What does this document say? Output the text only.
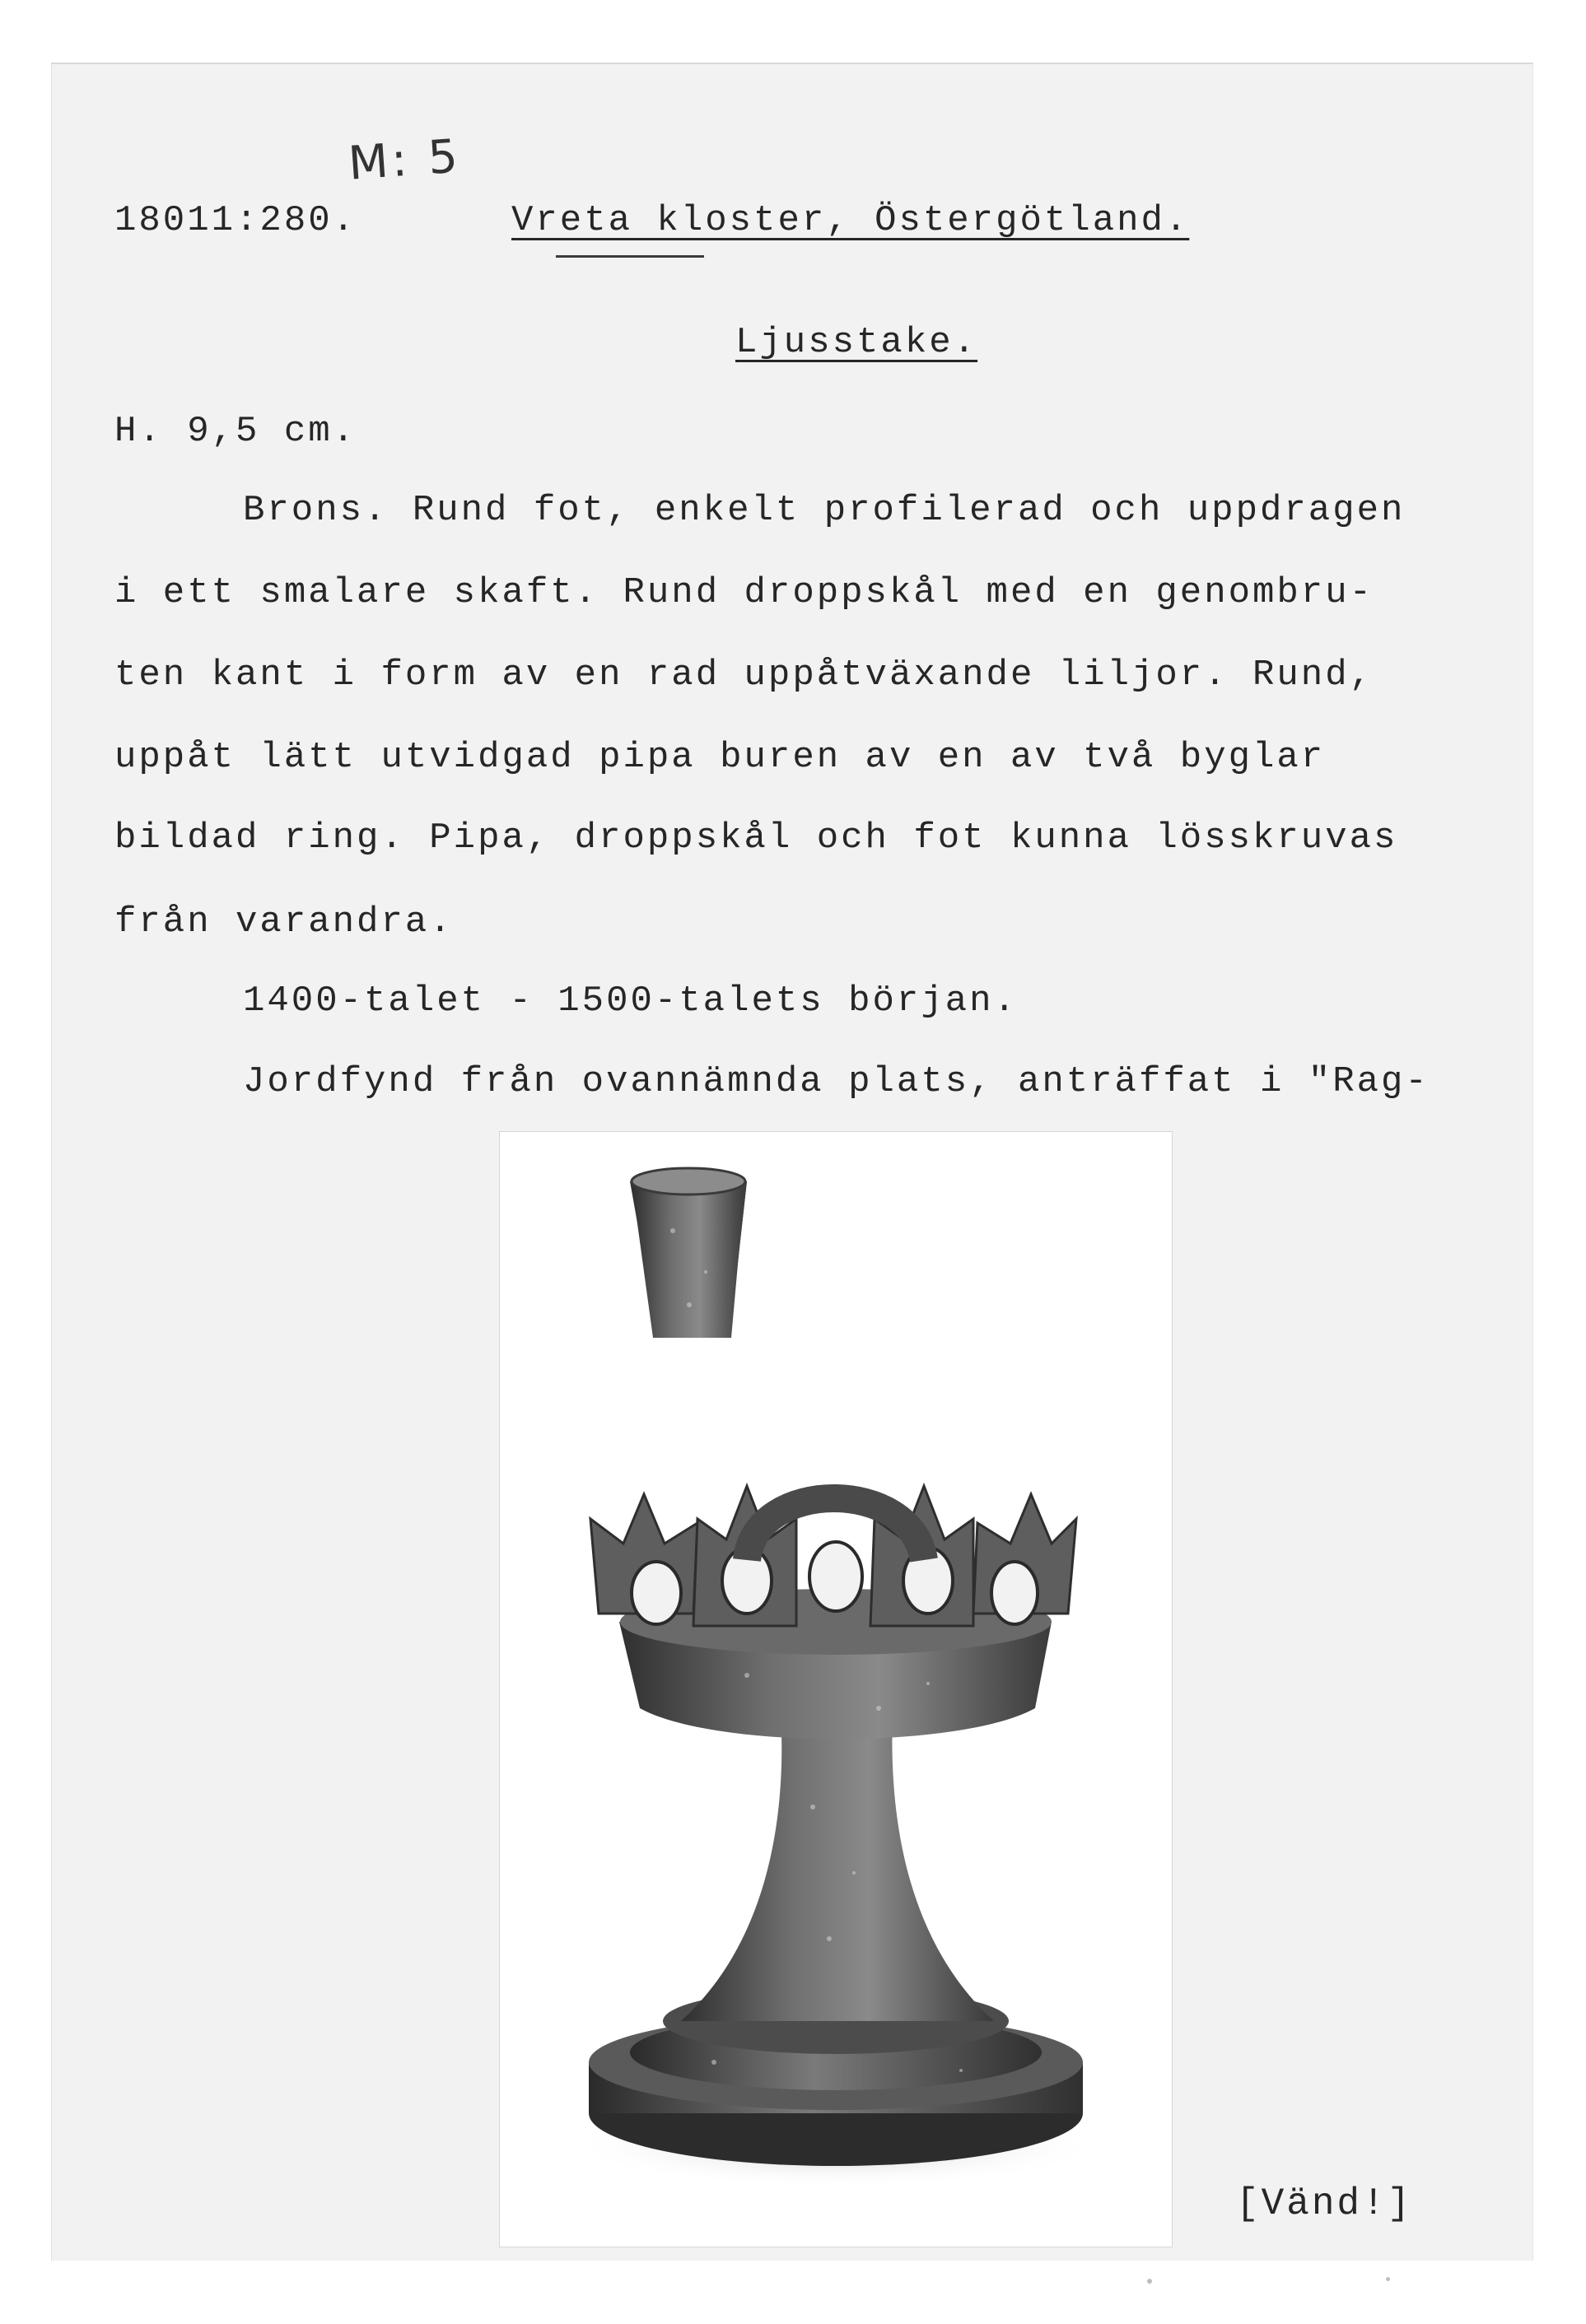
M: 5
18011:280.	Vreta kloster, Östergötland.
Ljusstake.
H. 9,5 cm.
Brons. Rund fot, enkelt profilerad och uppdragen
i ett smalare skaft. Rund droppskål med en genombru-
ten kant i form av en rad uppåtväxande liljor. Rund,
uppåt lätt utvidgad pipa buren av en av två byglar
bildad ring. Pipa, droppskål och fot kunna lösskruvas
från varandra.
1400-talet - 1500-talets början.
Jordfynd från ovannämnda plats, anträffat i "Rag-
[Vänd!]
